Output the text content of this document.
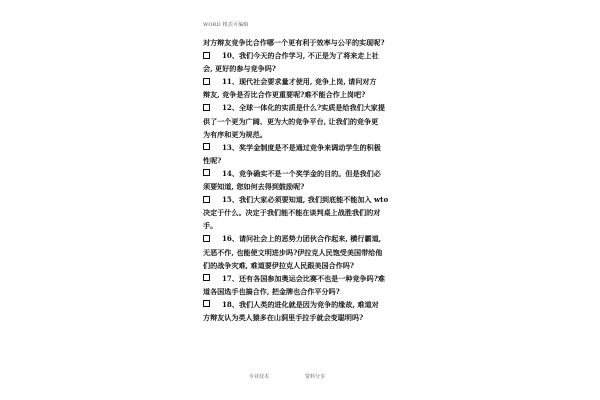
WORD 格式可编辑
对方辩友竞争比合作哪一个更有利于效率与公平的实现呢?
10、我们今天的合作学习, 不正是为了将来走上社
会, 更好的参与竞争吗?
11、现代社会要求量才使用, 竞争上岗, 请问对方
辩友, 竞争是否比合作更重要呢?难不能合作上岗吧?
12、全球一体化的实质是什么?实质是给我们大家提
供了一个更为广阔、更为大的竞争平台, 让我们的竞争更
为有序和更为规范。
13、奖学金制度是不是通过竞争来调动学生的积极
性呢?
14、竞争确实不是一个奖学金的目的。但是我们必
须要知道, 您如何去得到鼓励呢?
15、我们大家必须要知道, 我们到底能不能加入 wto
决定于什么。决定于我们能不能在谈判桌上战胜我们的对
手。
16、请问社会上的恶势力团伙合作起来, 横行霸道,
无恶不作, 也能使文明进步吗?伊拉克人民饱受美国带给他
们的战争灾难, 难道要伊拉克人民跟美国合作吗?
17、还有各国参加奥运会比赛不也是一种竞争吗?难
道各国选手也搞合作, 把金牌也合作平分吗?
18、我们人类的进化就是因为竞争的缘故, 难道对
方辩友认为类人猿多在山洞里手拉手就会变聪明吗?
专业技术	资料分享
